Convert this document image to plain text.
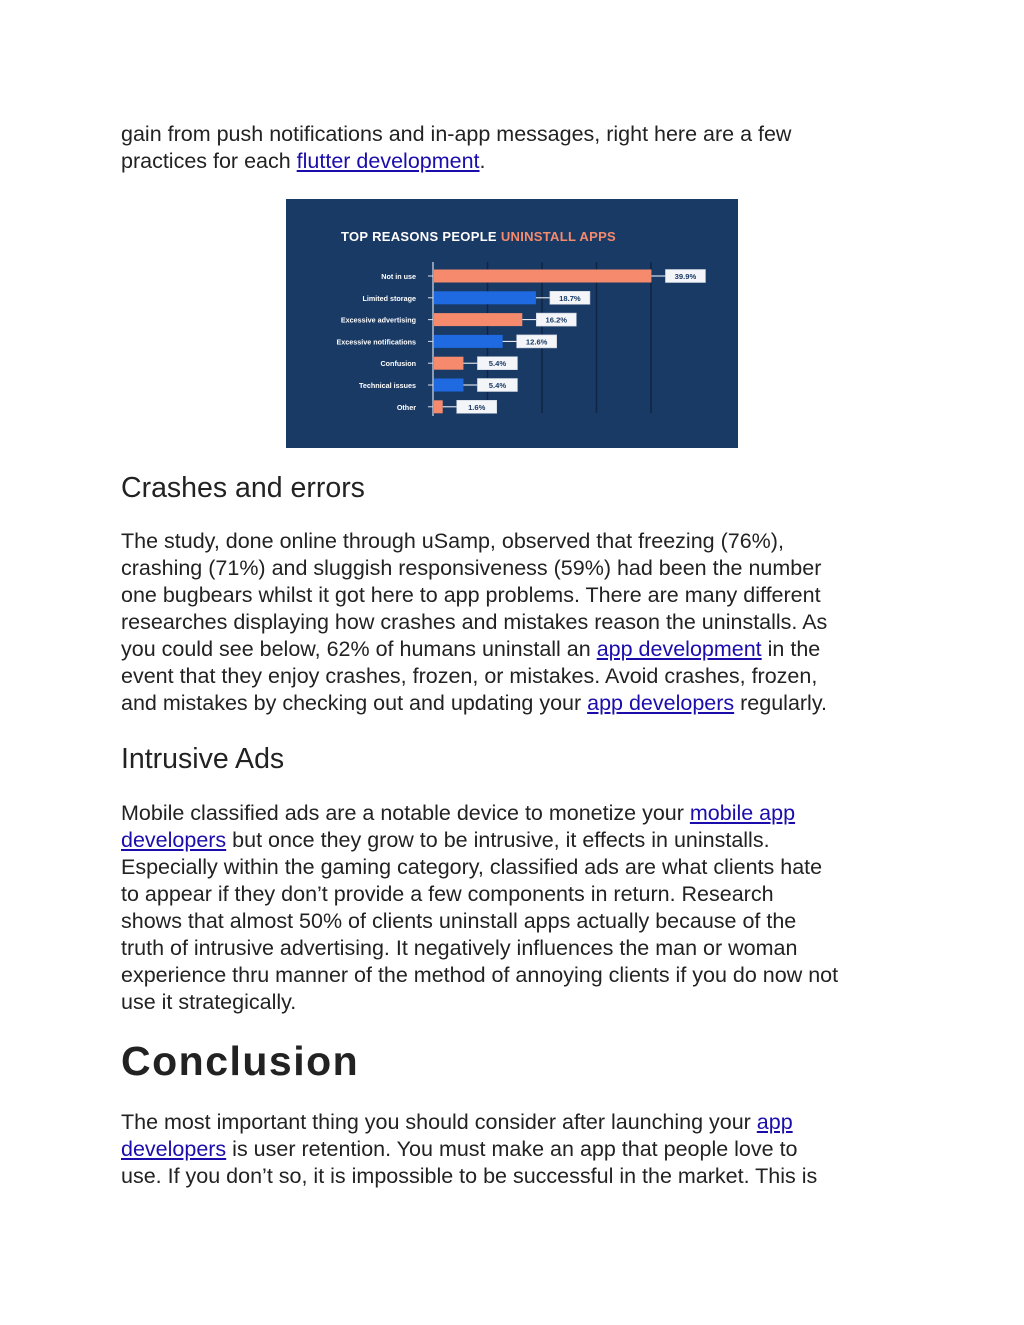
gain from push notifications and in-app messages, right here are a few
practices for each flutter development.

TOP REASONS PEOPLE UNINSTALL APPS
Not in use	39.9%
Limited storage	18.7%
Excessive advertising	16.2%
Excessive notifications	12.6%
Confusion	5.4%
Technical issues	5.4%
Other	1.6%
Crashes and errors

The study, done online through uSamp, observed that freezing (76%),
crashing (71%) and sluggish responsiveness (59%) had been the number
one bugbears whilst it got here to app problems. There are many different
researches displaying how crashes and mistakes reason the uninstalls. As
you could see below, 62% of humans uninstall an app development in the
event that they enjoy crashes, frozen, or mistakes. Avoid crashes, frozen,
and mistakes by checking out and updating your app developers regularly.

Intrusive Ads

Mobile classified ads are a notable device to monetize your mobile app
developers but once they grow to be intrusive, it effects in uninstalls.
Especially within the gaming category, classified ads are what clients hate
to appear if they don’t provide a few components in return. Research
shows that almost 50% of clients uninstall apps actually because of the
truth of intrusive advertising. It negatively influences the man or woman
experience thru manner of the method of annoying clients if you do now not
use it strategically.

Conclusion

The most important thing you should consider after launching your app
developers is user retention. You must make an app that people love to
use. If you don’t so, it is impossible to be successful in the market. This is
